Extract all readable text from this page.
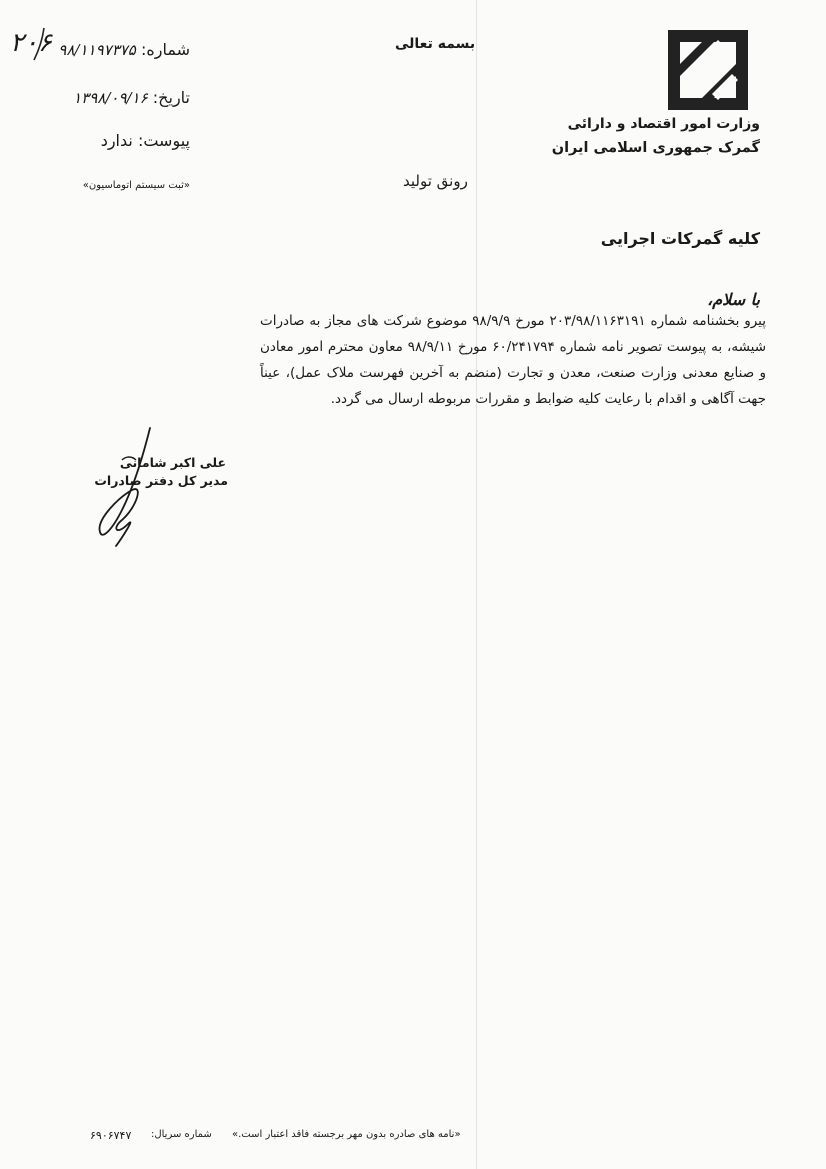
وزارت امور اقتصاد و دارائی
گمرک جمهوری اسلامی ایران
بسمه تعالی
۲۰۶	شماره: ۹۸/۱۱۹۷۳۷۵
تاریخ: ۱۳۹۸/۰۹/۱۶
پیوست: ندارد
«ثبت سیستم اتوماسیون»	رونق تولید
کلیه گمرکات اجرایی
با سلام،
پیرو بخشنامه شماره ۲۰۳/۹۸/۱۱۶۳۱۹۱ مورخ ۹۸/۹/۹ موضوع شرکت های مجاز به صادرات شیشه، به پیوست تصویر نامه شماره ۶۰/۲۴۱۷۹۴ مورخ ۹۸/۹/۱۱ معاون محترم امور معادن و صنایع معدنی وزارت صنعت، معدن و تجارت (منضم به آخرین فهرست ملاک عمل)، عیناً جهت آگاهی و اقدام با رعایت کلیه ضوابط و مقررات مربوطه ارسال می گردد.
علی اکبر شامانی
مدیر کل دفتر صادرات
«نامه های صادره بدون مهر برجسته فاقد اعتبار است.»
شماره سریال:
۶۹۰۶۷۴۷
